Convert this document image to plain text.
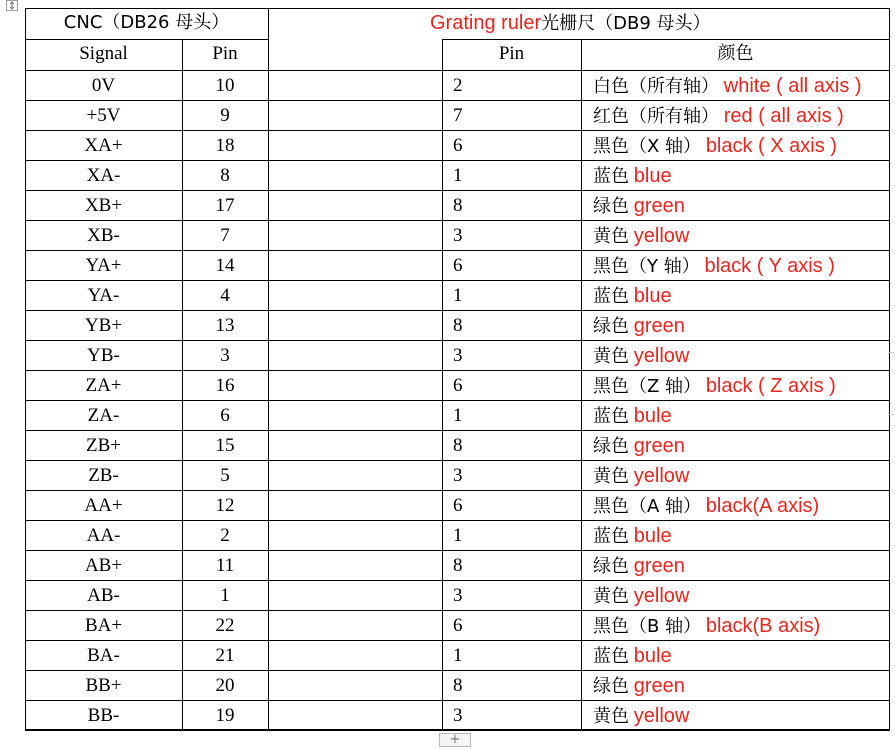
CNC（DB26 母头）	Grating ruler光栅尺（DB9 母头）
Signal	Pin	Pin	颜色
0V	10	2	白色（所有轴） white ( all axis )
+5V	9	7	红色（所有轴） red ( all axis )
XA+	18	6	黑色（X 轴） black ( X axis )
XA-	8	1	蓝色 blue
XB+	17	8	绿色 green
XB-	7	3	黄色 yellow
YA+	14	6	黑色（Y 轴） black ( Y axis )
YA-	4	1	蓝色 blue
YB+	13	8	绿色 green
YB-	3	3	黄色 yellow
ZA+	16	6	黑色（Z 轴） black ( Z axis )
ZA-	6	1	蓝色 bule
ZB+	15	8	绿色 green
ZB-	5	3	黄色 yellow
AA+	12	6	黑色（A 轴） black(A axis)
AA-	2	1	蓝色 bule
AB+	11	8	绿色 green
AB-	1	3	黄色 yellow
BA+	22	6	黑色（B 轴） black(B axis)
BA-	21	1	蓝色 bule
BB+	20	8	绿色 green
BB-	19	3	黄色 yellow
+
